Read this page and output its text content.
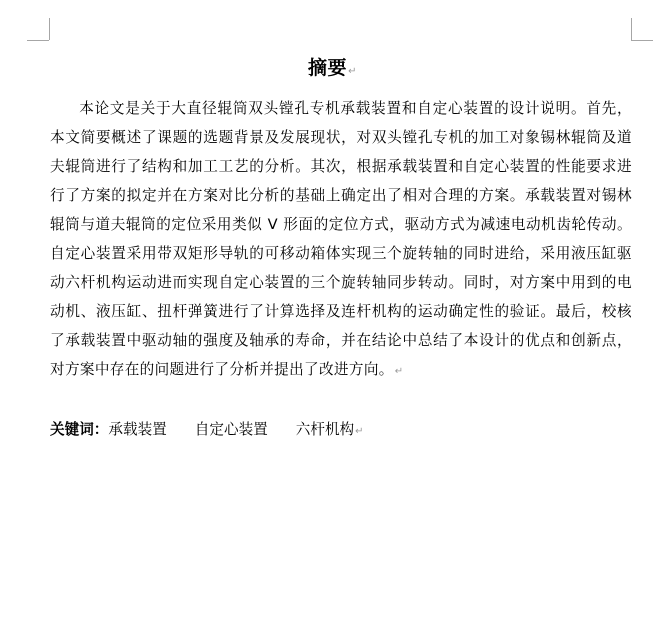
摘要↵

本论文是关于大直径辊筒双头镗孔专机承载装置和自定心装置的设计说明。首先，本文简要概述了课题的选题背景及发展现状，对双头镗孔专机的加工对象锡林辊筒及道夫辊筒进行了结构和加工工艺的分析。其次，根据承载装置和自定心装置的性能要求进行了方案的拟定并在方案对比分析的基础上确定出了相对合理的方案。承载装置对锡林辊筒与道夫辊筒的定位采用类似 V 形面的定位方式，驱动方式为减速电动机齿轮传动。自定心装置采用带双矩形导轨的可移动箱体实现三个旋转轴的同时进给，采用液压缸驱动六杆机构运动进而实现自定心装置的三个旋转轴同步转动。同时，对方案中用到的电动机、液压缸、扭杆弹簧进行了计算选择及连杆机构的运动确定性的验证。最后，校核了承载装置中驱动轴的强度及轴承的寿命，并在结论中总结了本设计的优点和创新点，对方案中存在的问题进行了分析并提出了改进方向。↵

关键词：承载装置 自定心装置 六杆机构↵
